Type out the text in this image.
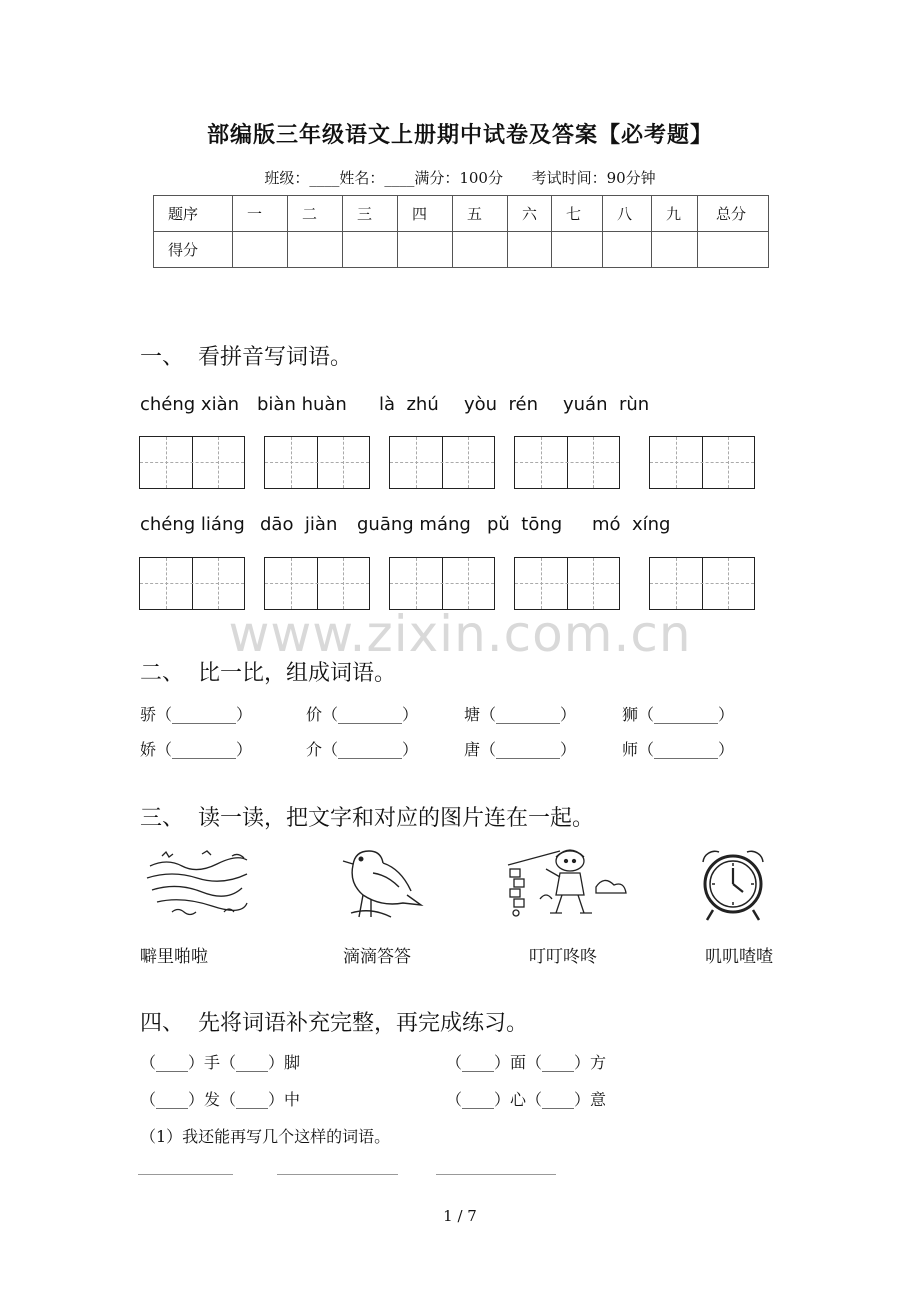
部编版三年级语文上册期中试卷及答案【必考题】
班级：____姓名：____满分：100分      考试时间：90分钟
题序	一	二	三	四	五	六	七	八	九	总分
得分										
一、  看拼音写词语。
chéng xiàn biàn huàn là  zhú yòu  rén yuán  rùn
chéng liáng dāo  jiàn guāng máng pǔ  tōng mó  xíng
www.zixin.com.cn
二、  比一比，组成词语。
骄（________）	价（________）	塘（________）	狮（________）
娇（________）	介（________）	唐（________）	师（________）
三、  读一读，把文字和对应的图片连在一起。
噼里啪啦	滴滴答答	叮叮咚咚	叽叽喳喳
四、  先将词语补充完整，再完成练习。
（____）手（____）脚	（____）面（____）方
（____）发（____）中	（____）心（____）意
（1）我还能再写几个这样的词语。
1 / 7
